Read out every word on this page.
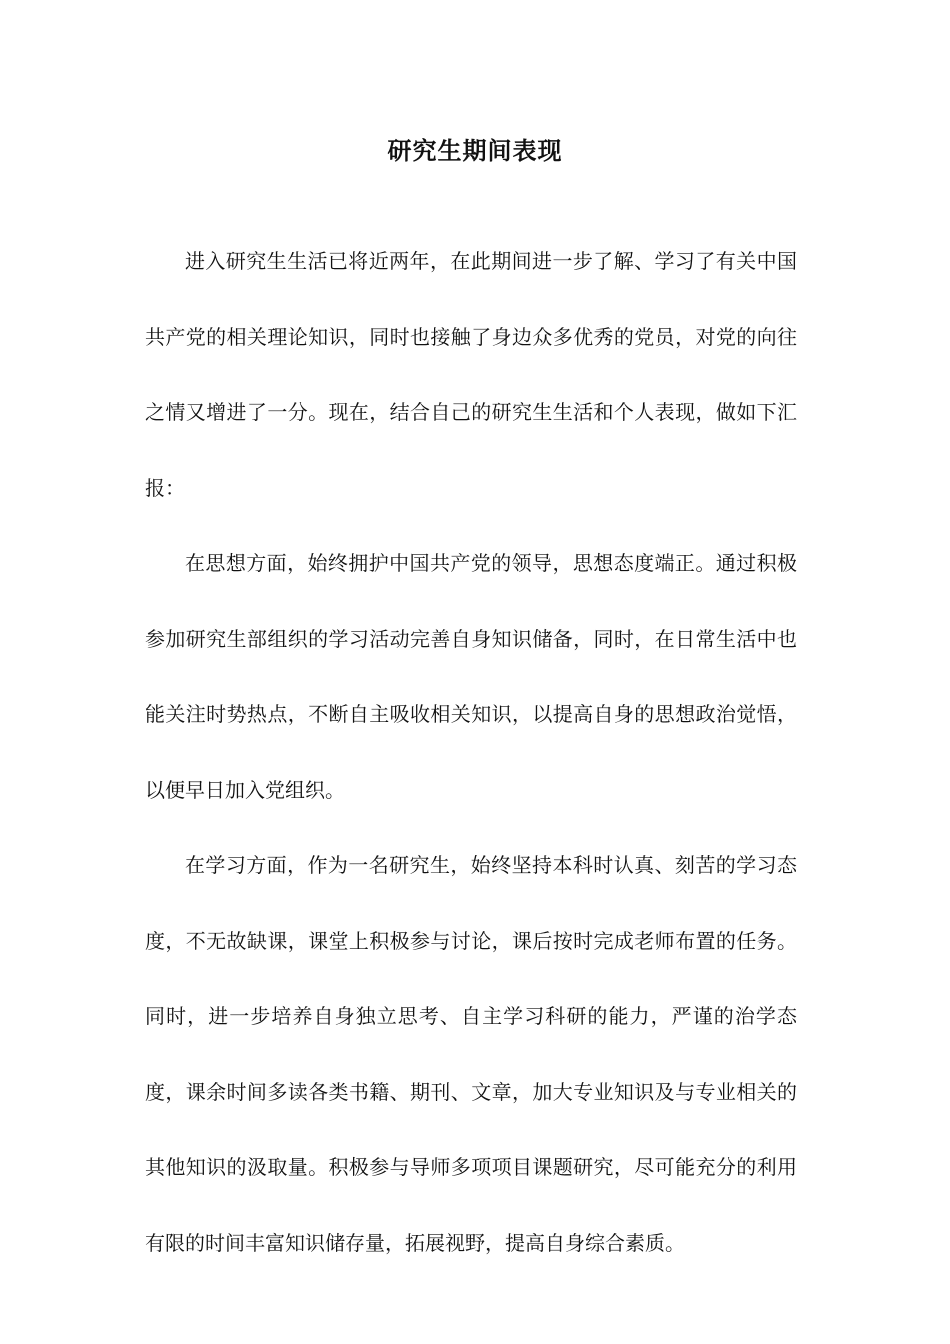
研究生期间表现

进入研究生生活已将近两年，在此期间进一步了解、学习了有关中国共产党的相关理论知识，同时也接触了身边众多优秀的党员，对党的向往之情又增进了一分。现在，结合自己的研究生生活和个人表现，做如下汇报：

在思想方面，始终拥护中国共产党的领导，思想态度端正。通过积极参加研究生部组织的学习活动完善自身知识储备，同时，在日常生活中也能关注时势热点，不断自主吸收相关知识，以提高自身的思想政治觉悟，以便早日加入党组织。

在学习方面，作为一名研究生，始终坚持本科时认真、刻苦的学习态度，不无故缺课，课堂上积极参与讨论，课后按时完成老师布置的任务。同时，进一步培养自身独立思考、自主学习科研的能力，严谨的治学态度，课余时间多读各类书籍、期刊、文章，加大专业知识及与专业相关的其他知识的汲取量。积极参与导师多项项目课题研究，尽可能充分的利用有限的时间丰富知识储存量，拓展视野，提高自身综合素质。
